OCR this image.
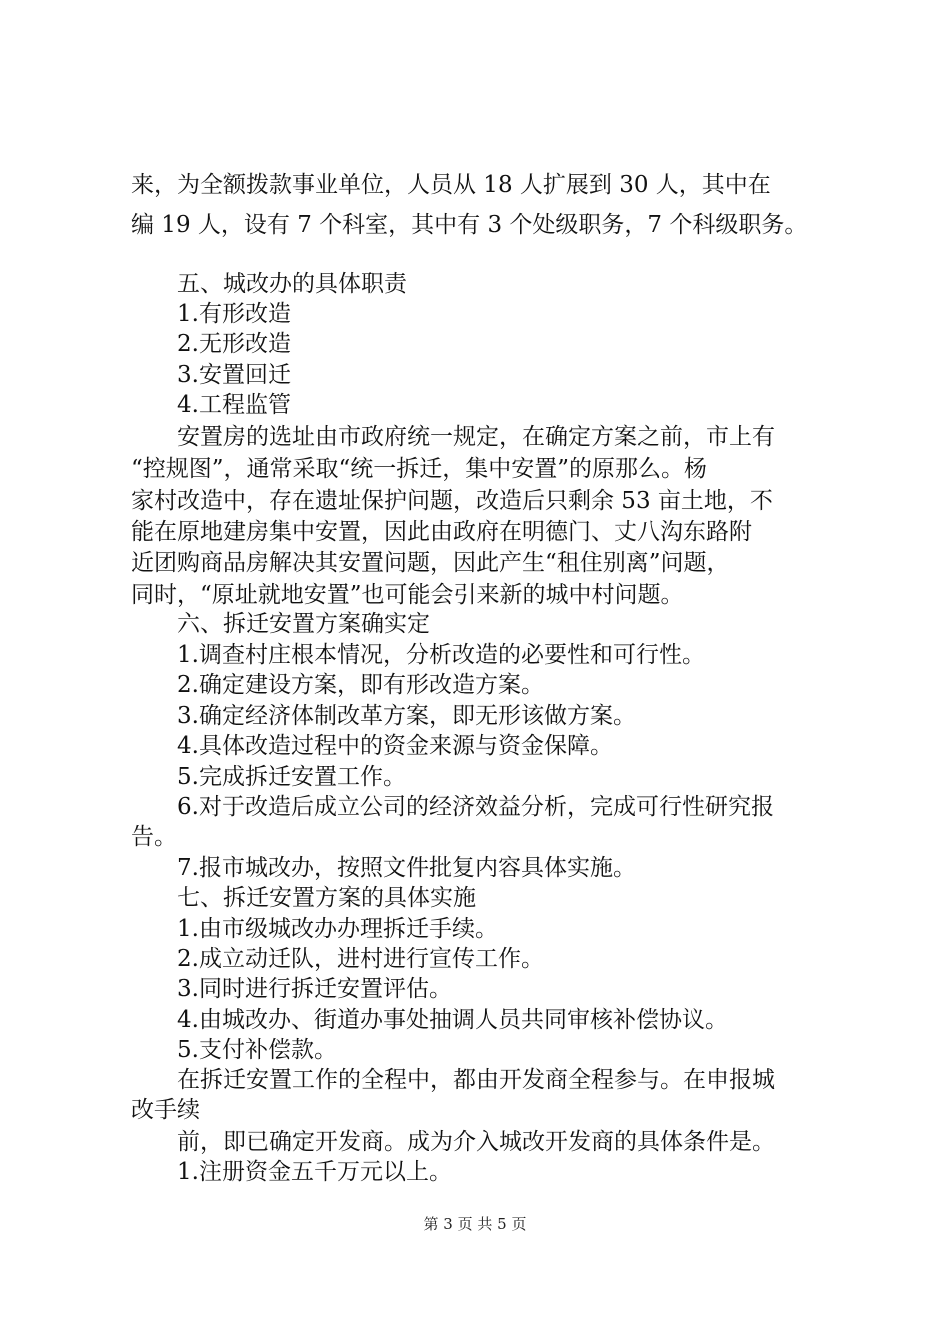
来，为全额拨款事业单位，人员从 18 人扩展到 30 人，其中在
编 19 人，设有 7 个科室，其中有 3 个处级职务，7 个科级职务。
五、城改办的具体职责
1.有形改造
2.无形改造
3.安置回迁
4.工程监管
安置房的选址由市政府统一规定，在确定方案之前，市上有
“控规图”，通常采取“统一拆迁，集中安置”的原那么。杨
家村改造中，存在遗址保护问题，改造后只剩余 53 亩土地，不
能在原地建房集中安置，因此由政府在明德门、丈八沟东路附
近团购商品房解决其安置问题，因此产生“租住别离”问题，
同时，“原址就地安置”也可能会引来新的城中村问题。
六、拆迁安置方案确实定
1.调查村庄根本情况，分析改造的必要性和可行性。
2.确定建设方案，即有形改造方案。
3.确定经济体制改革方案，即无形该做方案。
4.具体改造过程中的资金来源与资金保障。
5.完成拆迁安置工作。
6.对于改造后成立公司的经济效益分析，完成可行性研究报
告。
7.报市城改办，按照文件批复内容具体实施。
七、拆迁安置方案的具体实施
1.由市级城改办办理拆迁手续。
2.成立动迁队，进村进行宣传工作。
3.同时进行拆迁安置评估。
4.由城改办、街道办事处抽调人员共同审核补偿协议。
5.支付补偿款。
在拆迁安置工作的全程中，都由开发商全程参与。在申报城
改手续
前，即已确定开发商。成为介入城改开发商的具体条件是。
1.注册资金五千万元以上。
第 3 页 共 5 页
